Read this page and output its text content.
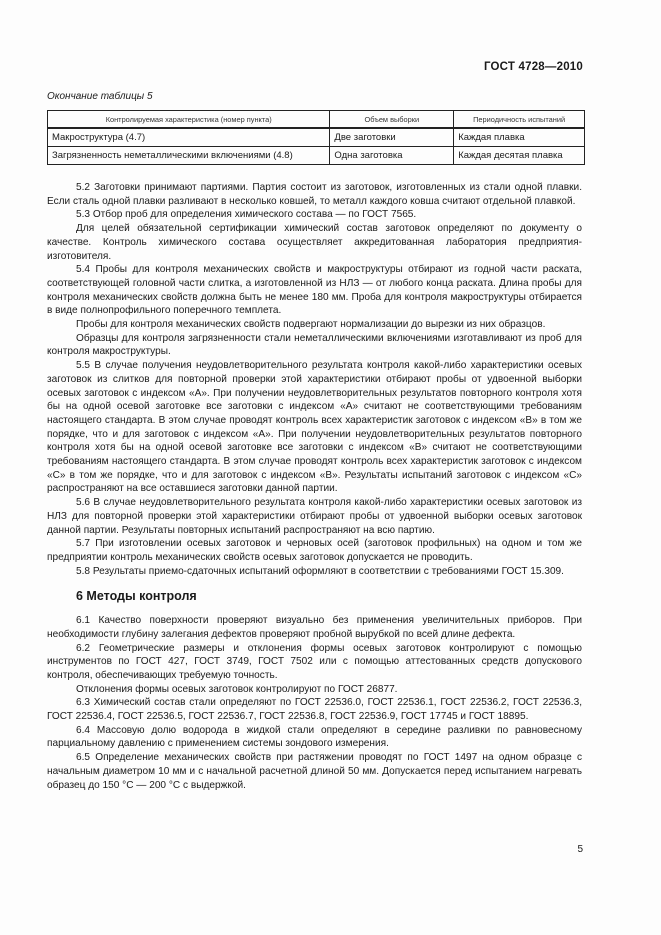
ГОСТ 4728—2010
Окончание таблицы 5
Контролируемая характеристика (номер пункта)	Объем выборки	Периодичность испытаний
Макроструктура (4.7)	Две заготовки	Каждая плавка
Загрязненность неметаллическими включениями (4.8)	Одна заготовка	Каждая десятая плавка

5.2 Заготовки принимают партиями. Партия состоит из заготовок, изготовленных из стали одной плавки. Если сталь одной плавки разливают в несколько ковшей, то металл каждого ковша считают отдельной плавкой.

5.3 Отбор проб для определения химического состава — по ГОСТ 7565.

Для целей обязательной сертификации химический состав заготовок определяют по документу о качестве. Контроль химического состава осуществляет аккредитованная лаборатория предприятия-изготовителя.

5.4 Пробы для контроля механических свойств и макроструктуры отбирают из годной части раската, соответствующей головной части слитка, а изготовленной из НЛЗ — от любого конца раската. Длина пробы для контроля механических свойств должна быть не менее 180 мм. Проба для контроля макроструктуры отбирается в виде полнопрофильного поперечного темплета.

Пробы для контроля механических свойств подвергают нормализации до вырезки из них образцов.

Образцы для контроля загрязненности стали неметаллическими включениями изготавливают из проб для контроля макроструктуры.

5.5 В случае получения неудовлетворительного результата контроля какой-либо характеристики осевых заготовок из слитков для повторной проверки этой характеристики отбирают пробы от удвоенной выборки осевых заготовок с индексом «А». При получении неудовлетворительных результатов повторного контроля хотя бы на одной осевой заготовке все заготовки с индексом «А» считают не соответствующими требованиям настоящего стандарта. В этом случае проводят контроль всех характеристик заготовок с индексом «В» в том же порядке, что и для заготовок с индексом «А». При получении неудовлетворительных результатов повторного контроля хотя бы на одной осевой заготовке все заготовки с индексом «В» считают не соответствующими требованиям настоящего стандарта. В этом случае проводят контроль всех характеристик заготовок с индексом «С» в том же порядке, что и для заготовок с индексом «В». Результаты испытаний заготовок с индексом «С» распространяют на все оставшиеся заготовки данной партии.

5.6 В случае неудовлетворительного результата контроля какой-либо характеристики осевых заготовок из НЛЗ для повторной проверки этой характеристики отбирают пробы от удвоенной выборки осевых заготовок данной партии. Результаты повторных испытаний распространяют на всю партию.

5.7 При изготовлении осевых заготовок и черновых осей (заготовок профильных) на одном и том же предприятии контроль механических свойств осевых заготовок допускается не проводить.

5.8 Результаты приемо-сдаточных испытаний оформляют в соответствии с требованиями ГОСТ 15.309.

6 Методы контроля

6.1 Качество поверхности проверяют визуально без применения увеличительных приборов. При необходимости глубину залегания дефектов проверяют пробной вырубкой по всей длине дефекта.

6.2 Геометрические размеры и отклонения формы осевых заготовок контролируют с помощью инструментов по ГОСТ 427, ГОСТ 3749, ГОСТ 7502 или с помощью аттестованных средств допускового контроля, обеспечивающих требуемую точность.

Отклонения формы осевых заготовок контролируют по ГОСТ 26877.

6.3 Химический состав стали определяют по ГОСТ 22536.0, ГОСТ 22536.1, ГОСТ 22536.2, ГОСТ 22536.3, ГОСТ 22536.4, ГОСТ 22536.5, ГОСТ 22536.7, ГОСТ 22536.8, ГОСТ 22536.9, ГОСТ 17745 и ГОСТ 18895.

6.4 Массовую долю водорода в жидкой стали определяют в середине разливки по равновесному парциальному давлению с применением системы зондового измерения.

6.5 Определение механических свойств при растяжении проводят по ГОСТ 1497 на одном образце с начальным диаметром 10 мм и с начальной расчетной длиной 50 мм. Допускается перед испытанием нагревать образец до 150 °С — 200 °С с выдержкой.

5
